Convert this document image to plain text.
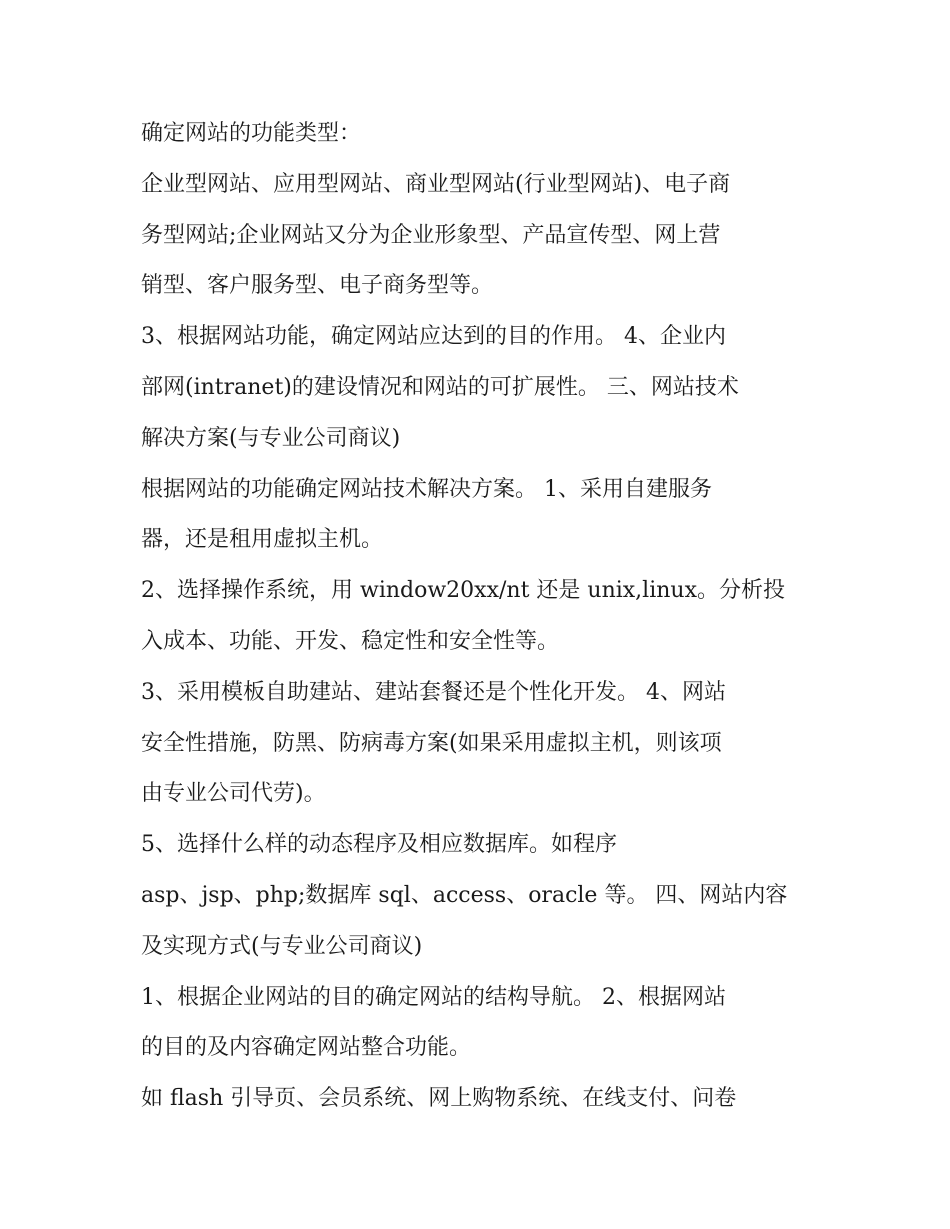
确定网站的功能类型：
企业型网站、应用型网站、商业型网站(行业型网站)、电子商
务型网站;企业网站又分为企业形象型、产品宣传型、网上营
销型、客户服务型、电子商务型等。
3、根据网站功能，确定网站应达到的目的作用。 4、企业内
部网(intranet)的建设情况和网站的可扩展性。 三、网站技术
解决方案(与专业公司商议)
根据网站的功能确定网站技术解决方案。 1、采用自建服务
器，还是租用虚拟主机。
2、选择操作系统，用 window20xx/nt 还是 unix,linux。分析投
入成本、功能、开发、稳定性和安全性等。
3、采用模板自助建站、建站套餐还是个性化开发。 4、网站
安全性措施，防黑、防病毒方案(如果采用虚拟主机，则该项
由专业公司代劳)。
5、选择什么样的动态程序及相应数据库。如程序
asp、jsp、php;数据库 sql、access、oracle 等。 四、网站内容
及实现方式(与专业公司商议)
1、根据企业网站的目的确定网站的结构导航。 2、根据网站
的目的及内容确定网站整合功能。
如 flash 引导页、会员系统、网上购物系统、在线支付、问卷
